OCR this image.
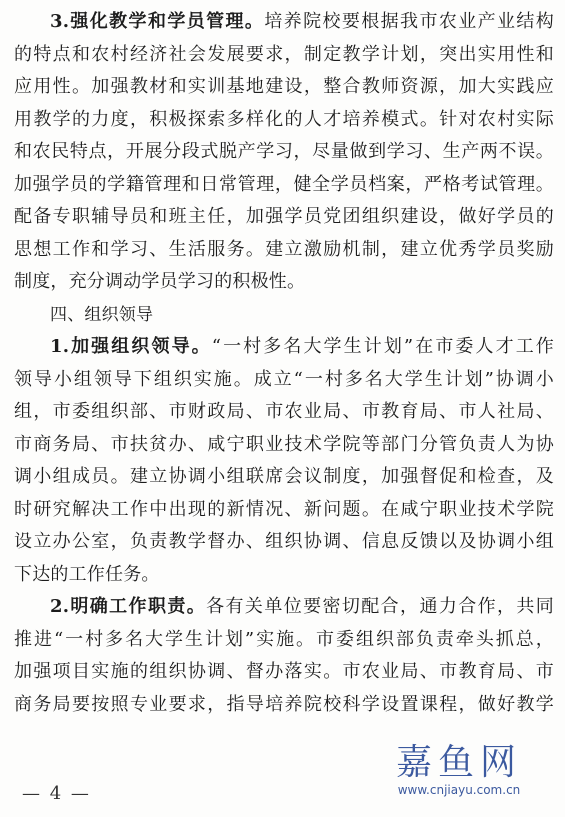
3.强化教学和学员管理。培养院校要根据我市农业产业结构
的特点和农村经济社会发展要求，制定教学计划，突出实用性和
应用性。加强教材和实训基地建设，整合教师资源，加大实践应
用教学的力度，积极探索多样化的人才培养模式。针对农村实际
和农民特点，开展分段式脱产学习，尽量做到学习、生产两不误。
加强学员的学籍管理和日常管理，健全学员档案，严格考试管理。
配备专职辅导员和班主任，加强学员党团组织建设，做好学员的
思想工作和学习、生活服务。建立激励机制，建立优秀学员奖励
制度，充分调动学员学习的积极性。
四、组织领导
1.加强组织领导。“一村多名大学生计划”在市委人才工作
领导小组领导下组织实施。成立“一村多名大学生计划”协调小
组，市委组织部、市财政局、市农业局、市教育局、市人社局、
市商务局、市扶贫办、咸宁职业技术学院等部门分管负责人为协
调小组成员。建立协调小组联席会议制度，加强督促和检查，及
时研究解决工作中出现的新情况、新问题。在咸宁职业技术学院
设立办公室，负责教学督办、组织协调、信息反馈以及协调小组
下达的工作任务。
2.明确工作职责。各有关单位要密切配合，通力合作，共同
推进“一村多名大学生计划”实施。市委组织部负责牵头抓总，
加强项目实施的组织协调、督办落实。市农业局、市教育局、市
商务局要按照专业要求，指导培养院校科学设置课程，做好教学
— 4 —
嘉鱼网
www.cnjiayu.com.cn
